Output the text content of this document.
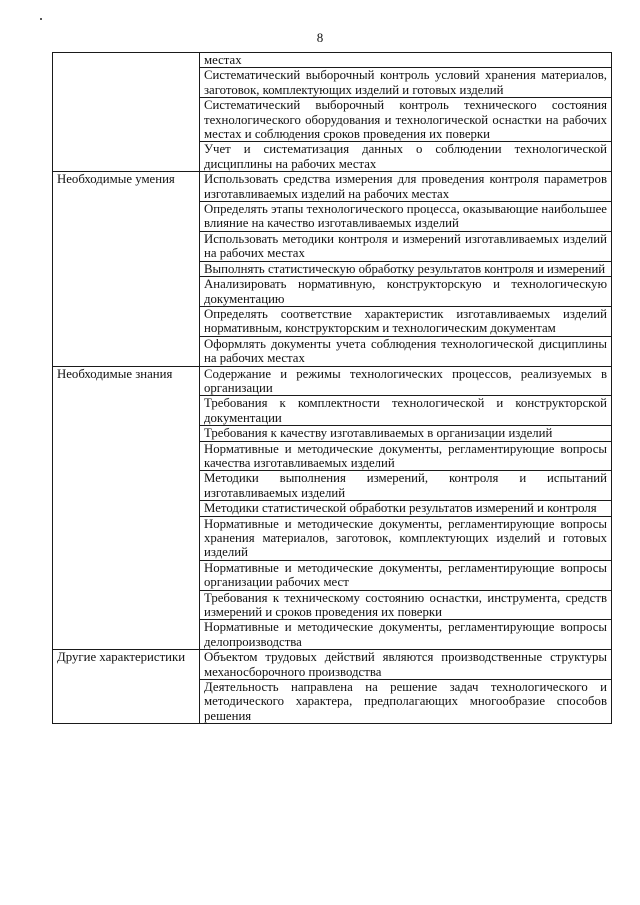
8
	местах
	Систематический выборочный контроль условий хранения материалов, заготовок, комплектующих изделий и готовых изделий
	Систематический выборочный контроль технического состояния технологического оборудования и технологической оснастки на рабочих местах и соблюдения сроков проведения их поверки
	Учет и систематизация данных о соблюдении технологической дисциплины на рабочих местах
Необходимые умения	Использовать средства измерения для проведения контроля параметров изготавливаемых изделий на рабочих местах
	Определять этапы технологического процесса, оказывающие наибольшее влияние на качество изготавливаемых изделий
	Использовать методики контроля и измерений изготавливаемых изделий на рабочих местах
	Выполнять статистическую обработку результатов контроля и измерений
	Анализировать нормативную, конструкторскую и технологическую документацию
	Определять соответствие характеристик изготавливаемых изделий нормативным, конструкторским и технологическим документам
	Оформлять документы учета соблюдения технологической дисциплины на рабочих местах
Необходимые знания	Содержание и режимы технологических процессов, реализуемых в организации
	Требования к комплектности технологической и конструкторской документации
	Требования к качеству изготавливаемых в организации изделий
	Нормативные и методические документы, регламентирующие вопросы качества изготавливаемых изделий
	Методики выполнения измерений, контроля и испытаний изготавливаемых изделий
	Методики статистической обработки результатов измерений и контроля
	Нормативные и методические документы, регламентирующие вопросы хранения материалов, заготовок, комплектующих изделий и готовых изделий
	Нормативные и методические документы, регламентирующие вопросы организации рабочих мест
	Требования к техническому состоянию оснастки, инструмента, средств измерений и сроков проведения их поверки
	Нормативные и методические документы, регламентирующие вопросы делопроизводства
Другие характеристики	Объектом трудовых действий являются производственные структуры механосборочного производства
	Деятельность направлена на решение задач технологического и методического характера, предполагающих многообразие способов решения
